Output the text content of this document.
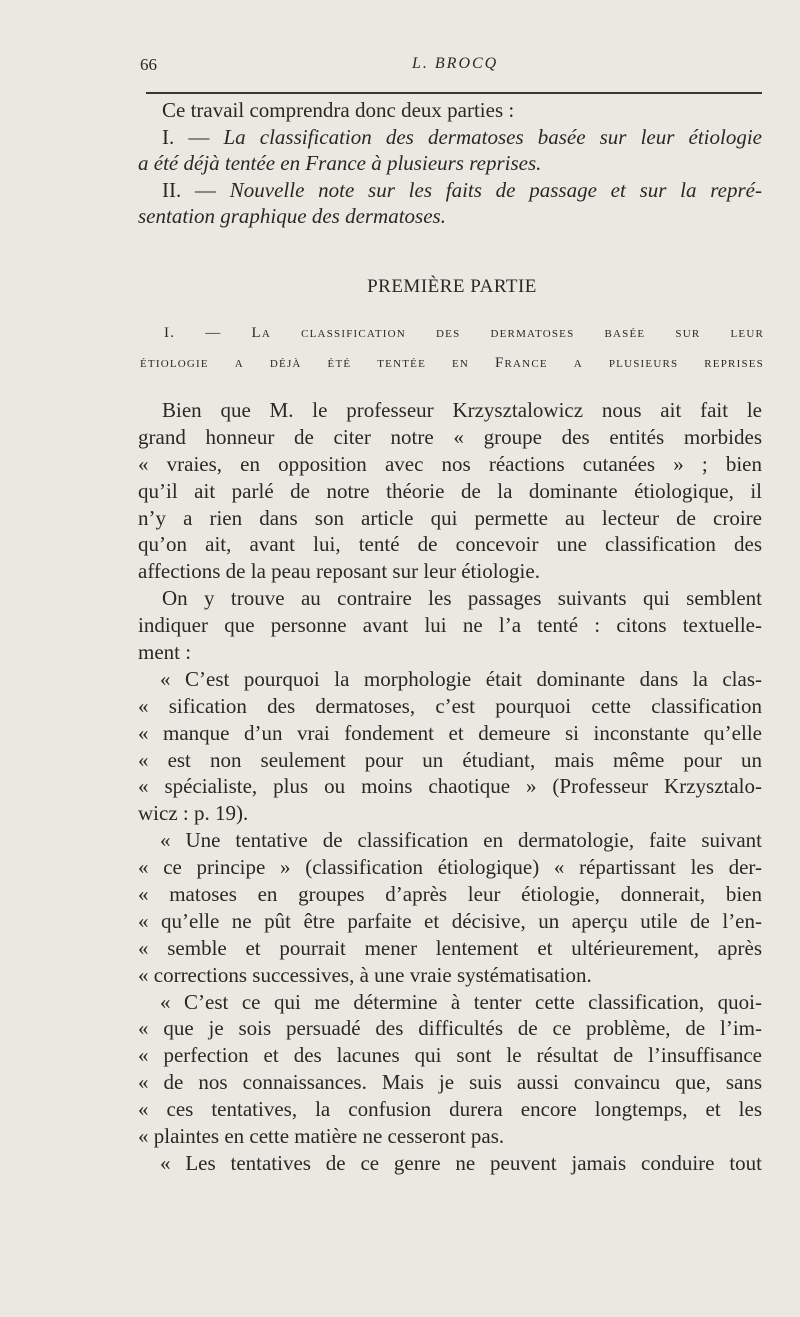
66	L. BROCQ
Ce travail comprendra donc deux parties :
I. — La classification des dermatoses basée sur leur étiologie
a été déjà tentée en France à plusieurs reprises.
II. — Nouvelle note sur les faits de passage et sur la repré-
sentation graphique des dermatoses.
PREMIÈRE PARTIE
I. — La classification des dermatoses basée sur leur
étiologie a déjà été tentée en France a plusieurs reprises
Bien que M. le professeur Krzysztalowicz nous ait fait le
grand honneur de citer notre « groupe des entités morbides
« vraies, en opposition avec nos réactions cutanées » ; bien
qu’il ait parlé de notre théorie de la dominante étiologique, il
n’y a rien dans son article qui permette au lecteur de croire
qu’on ait, avant lui, tenté de concevoir une classification des
affections de la peau reposant sur leur étiologie.
On y trouve au contraire les passages suivants qui semblent
indiquer que personne avant lui ne l’a tenté : citons textuelle-
ment :
« C’est pourquoi la morphologie était dominante dans la clas-
« sification des dermatoses, c’est pourquoi cette classification
« manque d’un vrai fondement et demeure si inconstante qu’elle
« est non seulement pour un étudiant, mais même pour un
« spécialiste, plus ou moins chaotique » (Professeur Krzysztalo-
wicz : p. 19).
« Une tentative de classification en dermatologie, faite suivant
« ce principe » (classification étiologique) « répartissant les der-
« matoses en groupes d’après leur étiologie, donnerait, bien
« qu’elle ne pût être parfaite et décisive, un aperçu utile de l’en-
« semble et pourrait mener lentement et ultérieurement, après
« corrections successives, à une vraie systématisation.
« C’est ce qui me détermine à tenter cette classification, quoi-
« que je sois persuadé des difficultés de ce problème, de l’im-
« perfection et des lacunes qui sont le résultat de l’insuffisance
« de nos connaissances. Mais je suis aussi convaincu que, sans
« ces tentatives, la confusion durera encore longtemps, et les
« plaintes en cette matière ne cesseront pas.
« Les tentatives de ce genre ne peuvent jamais conduire tout
